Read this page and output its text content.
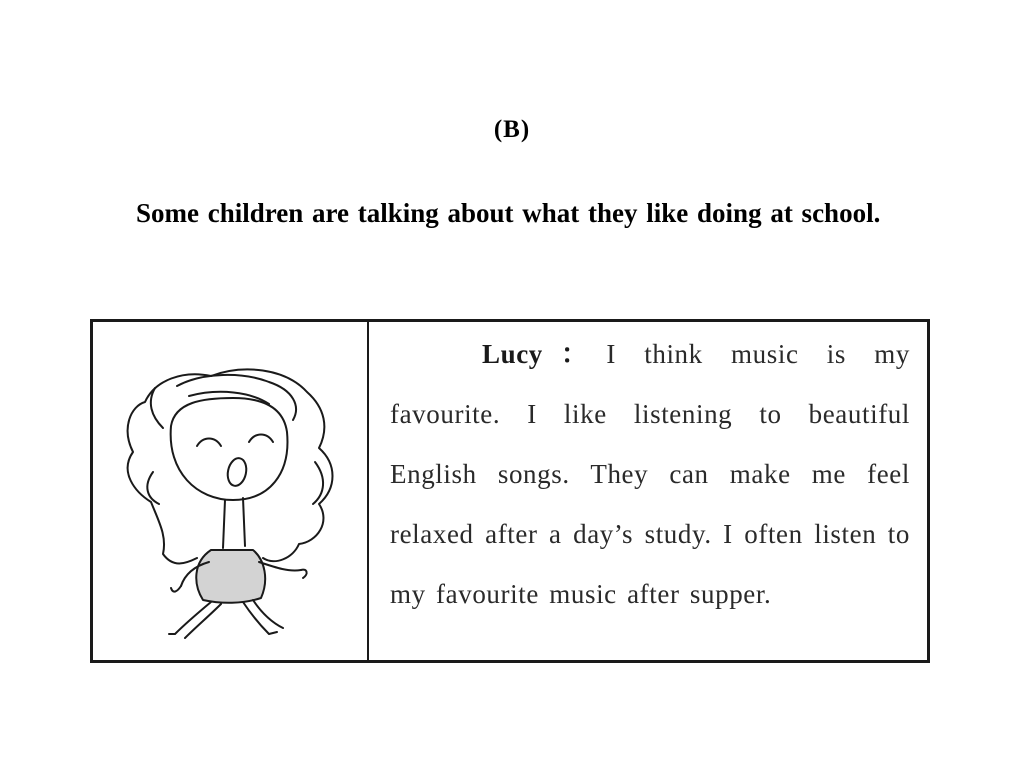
(B)
Some children are talking about what they like doing at school.
Lucy：I think music is my favourite. I like listening to beautiful English songs. They can make me feel relaxed after a day’s study. I often listen to my favourite music after supper.
